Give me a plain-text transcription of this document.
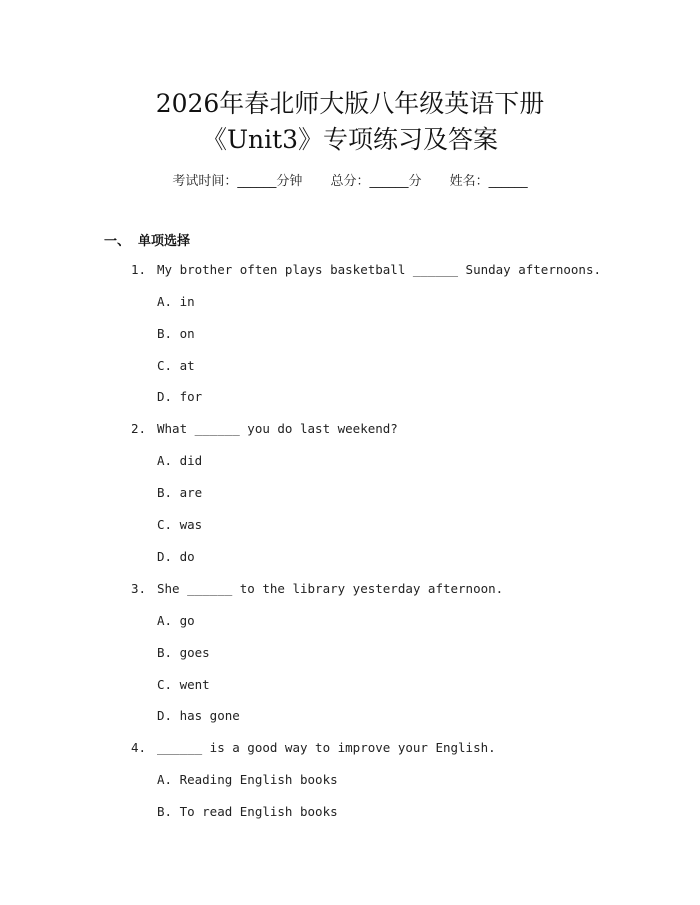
2026年春北师大版八年级英语下册
《Unit3》专项练习及答案
考试时间：______分钟 总分：______分 姓名：______
一、 单项选择
1. My brother often plays basketball ______ Sunday afternoons.
A. in
B. on
C. at
D. for
2. What ______ you do last weekend?
A. did
B. are
C. was
D. do
3. She ______ to the library yesterday afternoon.
A. go
B. goes
C. went
D. has gone
4. ______ is a good way to improve your English.
A. Reading English books
B. To read English books
